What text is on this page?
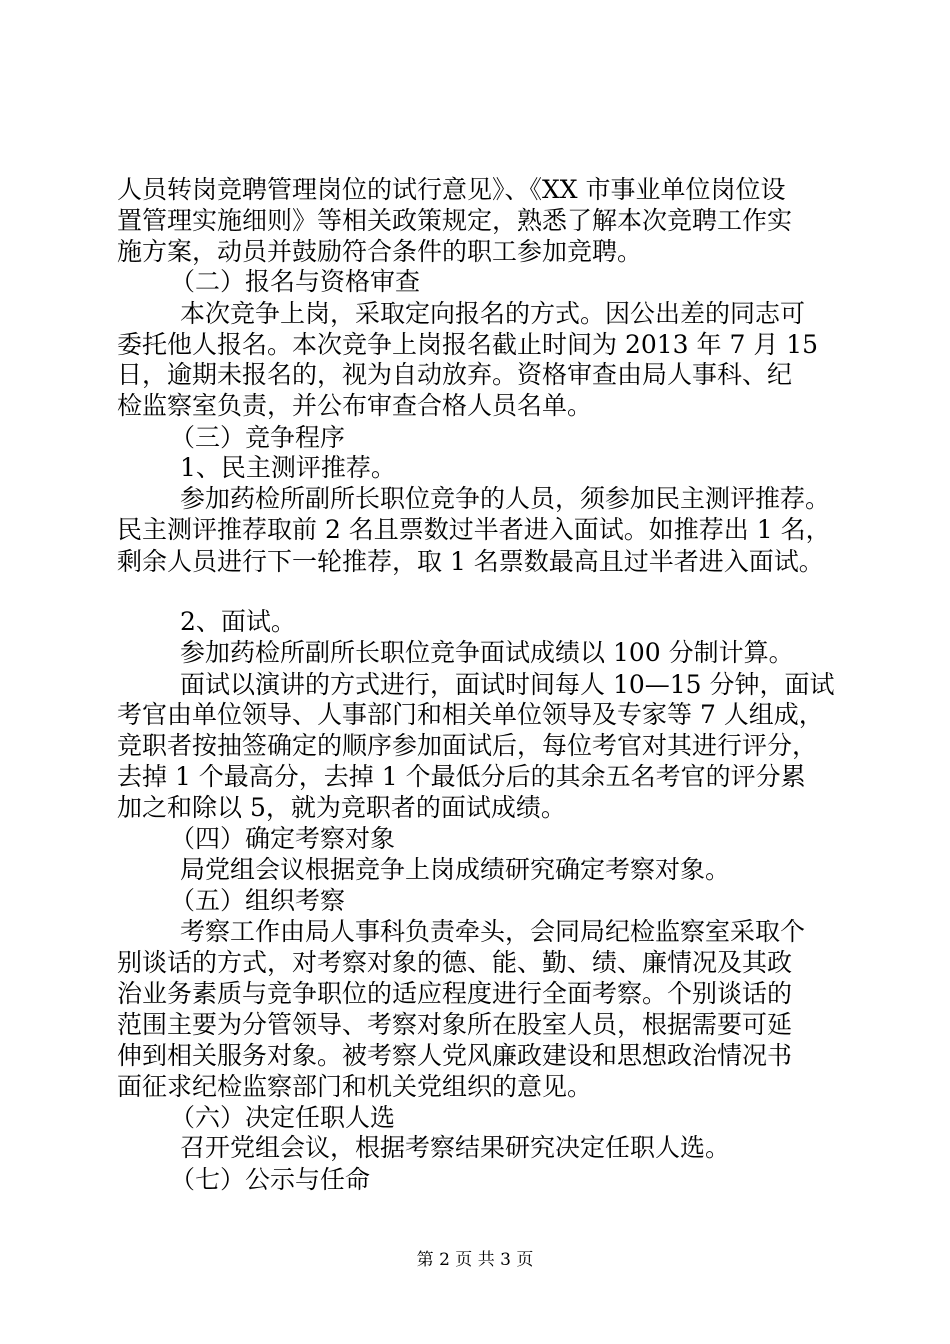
人员转岗竞聘管理岗位的试行意见》、《XX 市事业单位岗位设
置管理实施细则》等相关政策规定，熟悉了解本次竞聘工作实
施方案，动员并鼓励符合条件的职工参加竞聘。
（二）报名与资格审查
本次竞争上岗，采取定向报名的方式。因公出差的同志可
委托他人报名。本次竞争上岗报名截止时间为 2013 年 7 月 15
日，逾期未报名的，视为自动放弃。资格审查由局人事科、纪
检监察室负责，并公布审查合格人员名单。
（三）竞争程序
1、民主测评推荐。
参加药检所副所长职位竞争的人员，须参加民主测评推荐。
民主测评推荐取前 2 名且票数过半者进入面试。如推荐出 1 名，
剩余人员进行下一轮推荐，取 1 名票数最高且过半者进入面试。
2、面试。
参加药检所副所长职位竞争面试成绩以 100 分制计算。
面试以演讲的方式进行，面试时间每人 10—15 分钟，面试
考官由单位领导、人事部门和相关单位领导及专家等 7 人组成，
竞职者按抽签确定的顺序参加面试后，每位考官对其进行评分，
去掉 1 个最高分，去掉 1 个最低分后的其余五名考官的评分累
加之和除以 5，就为竞职者的面试成绩。
（四）确定考察对象
局党组会议根据竞争上岗成绩研究确定考察对象。
（五）组织考察
考察工作由局人事科负责牵头，会同局纪检监察室采取个
别谈话的方式，对考察对象的德、能、勤、绩、廉情况及其政
治业务素质与竞争职位的适应程度进行全面考察。个别谈话的
范围主要为分管领导、考察对象所在股室人员，根据需要可延
伸到相关服务对象。被考察人党风廉政建设和思想政治情况书
面征求纪检监察部门和机关党组织的意见。
（六）决定任职人选
召开党组会议，根据考察结果研究决定任职人选。
（七）公示与任命
第 2 页 共 3 页
